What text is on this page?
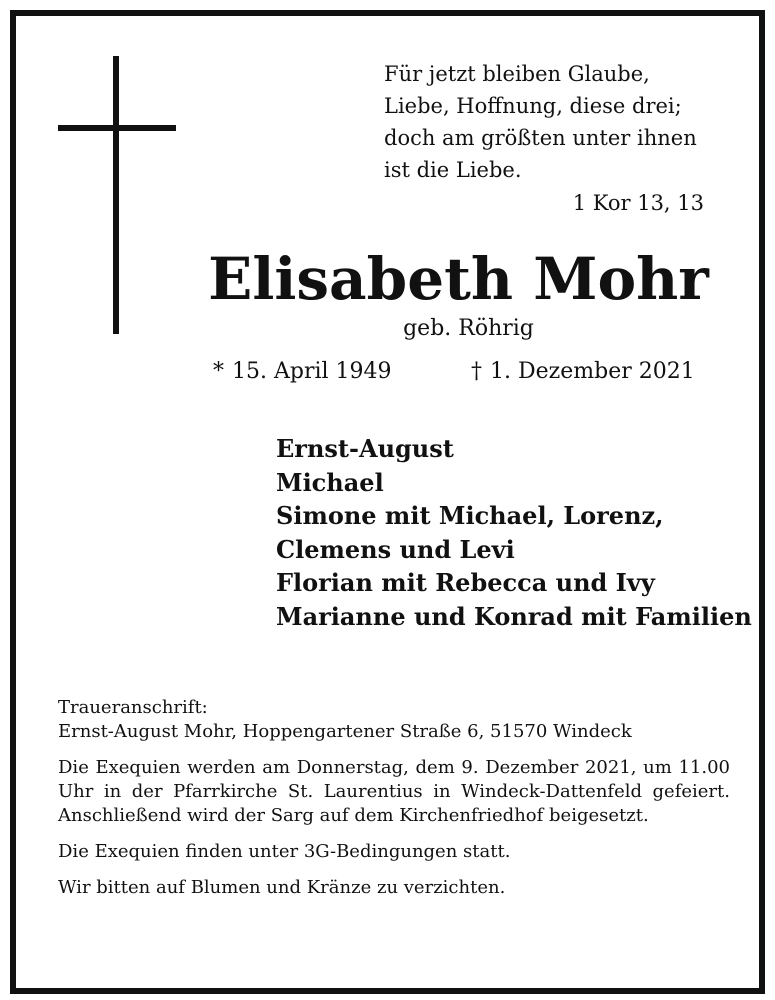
Für jetzt bleiben Glaube,
Liebe, Hoffnung, diese drei;
doch am größten unter ihnen
ist die Liebe.
1 Kor 13, 13
Elisabeth Mohr
geb. Röhrig
* 15. April 1949	† 1. Dezember 2021
Ernst-August
Michael
Simone mit Michael, Lorenz,
Clemens und Levi
Florian mit Rebecca und Ivy
Marianne und Konrad mit Familien
Traueranschrift:
Ernst-August Mohr, Hoppengartener Straße 6, 51570 Windeck

Die Exequien werden am Donnerstag, dem 9. Dezember 2021, um 11.00 Uhr in der Pfarrkirche St. Laurentius in Windeck-Dattenfeld gefeiert. Anschließend wird der Sarg auf dem Kirchenfriedhof beigesetzt.

Die Exequien finden unter 3G-Bedingungen statt.

Wir bitten auf Blumen und Kränze zu verzichten.
